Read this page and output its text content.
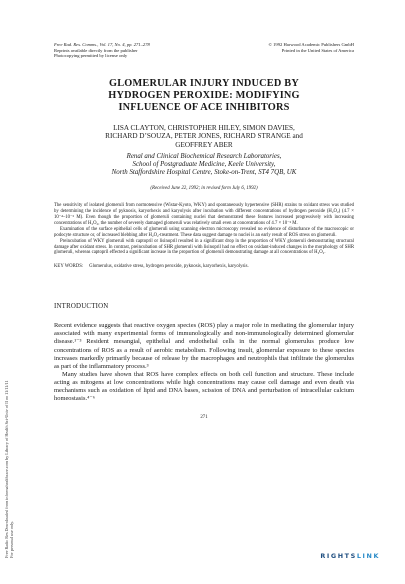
Free Radic Res Downloaded from informahealthcare.com by Library of Health Sci-Univ of Il on 11/11/11 For personal use only.
Free Rad. Res. Comms., Vol. 17, No. 4, pp. 271–278
Reprints available directly from the publisher
Photocopying permitted by license only
© 1992 Harwood Academic Publishers GmbH
Printed in the United States of America
GLOMERULAR INJURY INDUCED BY
HYDROGEN PEROXIDE: MODIFYING
INFLUENCE OF ACE INHIBITORS
LISA CLAYTON, CHRISTOPHER HILEY, SIMON DAVIES,
RICHARD D’SOUZA, PETER JONES, RICHARD STRANGE and
GEOFFREY ABER
Renal and Clinical Biochemical Research Laboratories,
School of Postgraduate Medicine, Keele University,
North Staffordshire Hospital Centre, Stoke-on-Trent, ST4 7QB, UK
(Received June 22, 1992; in revised form July 6, 1992)

The sensitivity of isolated glomeruli from normotensive (Wistar-Kyoto, WKY) and spontaneously hypertensive (SHR) strains to oxidant stress was studied by determining the incidence of pyknosis, karyorhexis and karyolysis after incubation with different concentrations of hydrogen peroxide (H₂O₂) (4.7 × 10⁻⁴–10⁻³ M). Even though the proportion of glomeruli containing nuclei that demonstrated these features increased progressively with increasing concentrations of H₂O₂, the number of severely damaged glomeruli was relatively small even at concentrations of 4.7 × 10⁻³ M.

Examination of the surface epithelial cells of glomeruli using scanning electron microscopy revealed no evidence of disturbance of the macroscopic or podocyte structure or, of increased blebbing after H₂O₂-treatment. These data suggest damage to nuclei is an early result of ROS stress on glomeruli.

Preincubation of WKY glomeruli with captopril or lisinopril resulted in a significant drop in the proportion of WKY glomeruli demonstrating structural damage after oxidant stress. In contrast, preincubation of SHR glomeruli with lisinopril had no effect on oxidant-induced changes in the morphology of SHR glomeruli, whereas captopril effected a significant increase in the proportion of glomeruli demonstrating damage at all concentrations of H₂O₂.

KEY WORDS: Glomerulus, oxidative stress, hydrogen peroxide, pyknosis, karyorhexis, karyolysis.
INTRODUCTION

Recent evidence suggests that reactive oxygen species (ROS) play a major role in mediating the glomerular injury associated with many experimental forms of immunologically and non-immunologically determined glomerular disease.¹⁻³ Resident mesangial, epithelial and endothelial cells in the normal glomerulus produce low concentrations of ROS as a result of aerobic metabolism. Following insult, glomerular exposure to these species increases markedly primarily because of release by the macrophages and neutrophils that infiltrate the glomerulus as part of the inflammatory process.³

Many studies have shown that ROS have complex effects on both cell function and structure. These include acting as mitogens at low concentrations while high concentrations may cause cell damage and even death via mechanisms such as oxidation of lipid and DNA bases, scission of DNA and perturbation of intracellular calcium homeostasis.⁴⁻⁶

271
RIGHTSLINK
